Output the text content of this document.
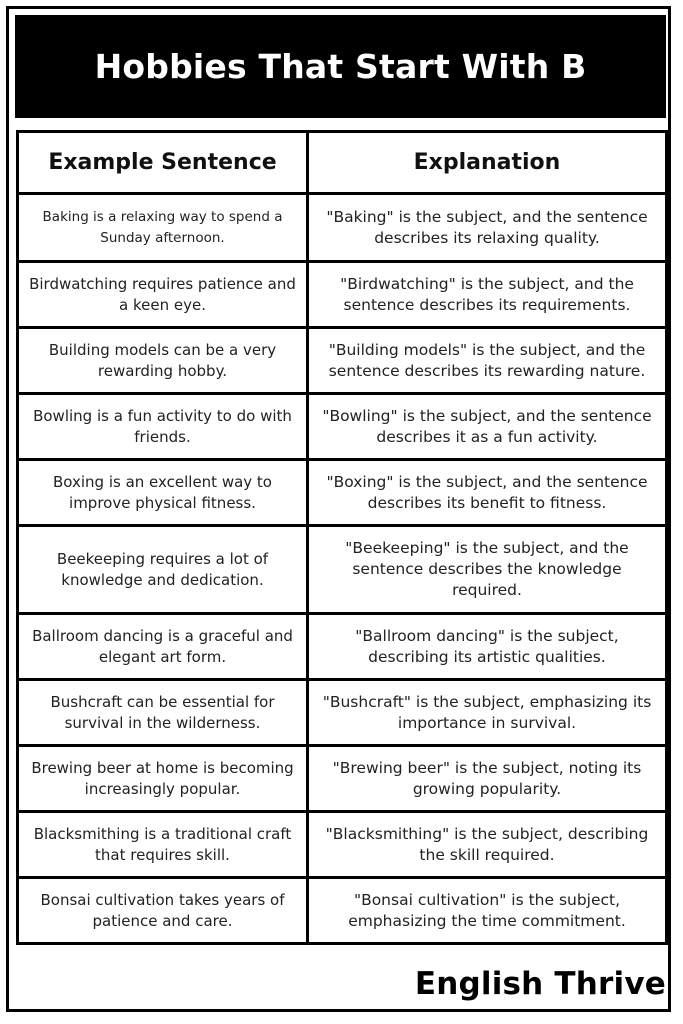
Hobbies That Start With B
Example Sentence	Explanation
Baking is a relaxing way to spend a Sunday afternoon.	"Baking" is the subject, and the sentence describes its relaxing quality.
Birdwatching requires patience and a keen eye.	"Birdwatching" is the subject, and the sentence describes its requirements.
Building models can be a very rewarding hobby.	"Building models" is the subject, and the sentence describes its rewarding nature.
Bowling is a fun activity to do with friends.	"Bowling" is the subject, and the sentence describes it as a fun activity.
Boxing is an excellent way to improve physical fitness.	"Boxing" is the subject, and the sentence describes its benefit to fitness.
Beekeeping requires a lot of knowledge and dedication.	"Beekeeping" is the subject, and the sentence describes the knowledge required.
Ballroom dancing is a graceful and elegant art form.	"Ballroom dancing" is the subject, describing its artistic qualities.
Bushcraft can be essential for survival in the wilderness.	"Bushcraft" is the subject, emphasizing its importance in survival.
Brewing beer at home is becoming increasingly popular.	"Brewing beer" is the subject, noting its growing popularity.
Blacksmithing is a traditional craft that requires skill.	"Blacksmithing" is the subject, describing the skill required.
Bonsai cultivation takes years of patience and care.	"Bonsai cultivation" is the subject, emphasizing the time commitment.
English Thrive
